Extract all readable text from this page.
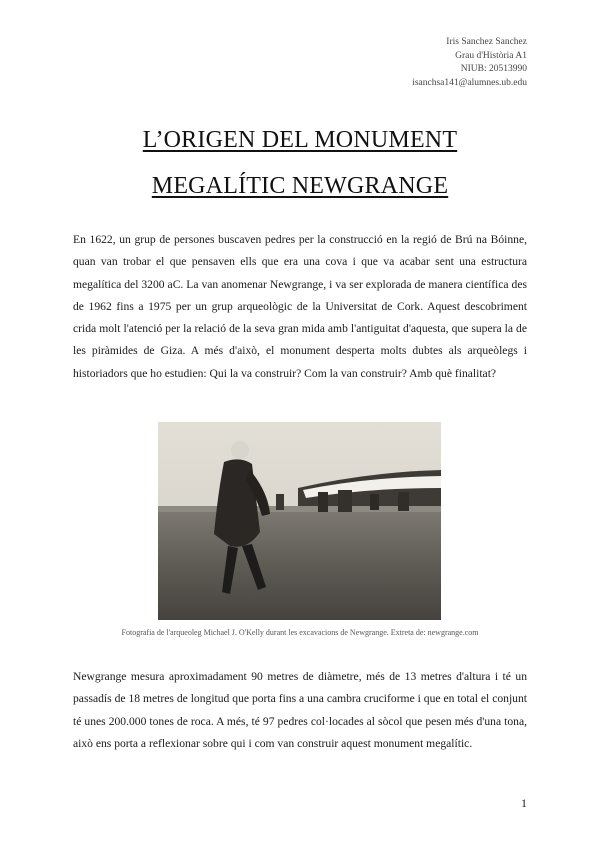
Iris Sanchez Sanchez
Grau d'Història A1
NIUB: 20513990
isanchsa141@alumnes.ub.edu
L’ORIGEN DEL MONUMENT
MEGALÍTIC NEWGRANGE
En 1622, un grup de persones buscaven pedres per la construcció en la regió de Brú na Bóinne, quan van trobar el que pensaven ells que era una cova i que va acabar sent una estructura megalítica del 3200 aC. La van anomenar Newgrange, i va ser explorada de manera científica des de 1962 fins a 1975 per un grup arqueològic de la Universitat de Cork. Aquest descobriment crida molt l'atenció per la relació de la seva gran mida amb l'antiguitat d'aquesta, que supera la de les piràmides de Giza. A més d'això, el monument desperta molts dubtes als arqueòlegs i historiadors que ho estudien: Qui la va construir? Com la van construir? Amb què finalitat?
Fotografia de l'arqueoleg Michael J. O'Kelly durant les excavacions de Newgrange. Extreta de: newgrange.com
Newgrange mesura aproximadament 90 metres de diàmetre, més de 13 metres d'altura i té un passadís de 18 metres de longitud que porta fins a una cambra cruciforme i que en total el conjunt té unes 200.000 tones de roca. A més, té 97 pedres col·locades al sòcol que pesen més d'una tona, això ens porta a reflexionar sobre qui i com van construir aquest monument megalític.
1
